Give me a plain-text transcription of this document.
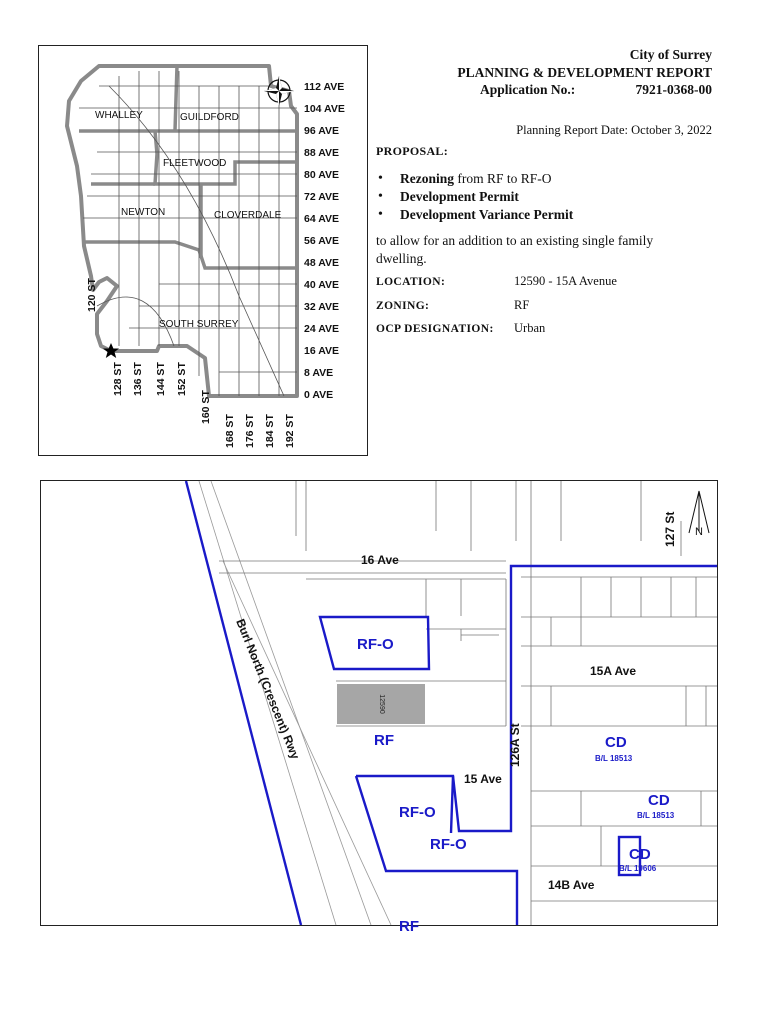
WHALLEY	GUILDFORD
FLEETWOOD
NEWTON	CLOVERDALE
SOUTH SURREY
112 AVE
104 AVE
96 AVE
88 AVE
80 AVE
72 AVE
64 AVE
56 AVE
48 AVE
40 AVE
32 AVE
24 AVE
16 AVE
8 AVE
0 AVE
120 ST
128 ST 136 ST 144 ST 152 ST
160 ST
168 ST 176 ST 184 ST 192 ST
City of Surrey
PLANNING & DEVELOPMENT REPORT
Application No.:	7921-0368-00
Planning Report Date: October 3, 2022
PROPOSAL:
• Rezoning from RF to RF-O
• Development Permit
• Development Variance Permit
to allow for an addition to an existing single family dwelling.
LOCATION:	12590 - 15A Avenue
ZONING:	RF
OCP DESIGNATION: Urban
12590
16 Ave
15A Ave
15 Ave
14B Ave
126A St
127 St
Burl North (Crescent) Rwy
N
RF-O
RF
RF-O
RF-O
RF
CD
B/L 18513
CD
B/L 18513
CD
B/L 19606
